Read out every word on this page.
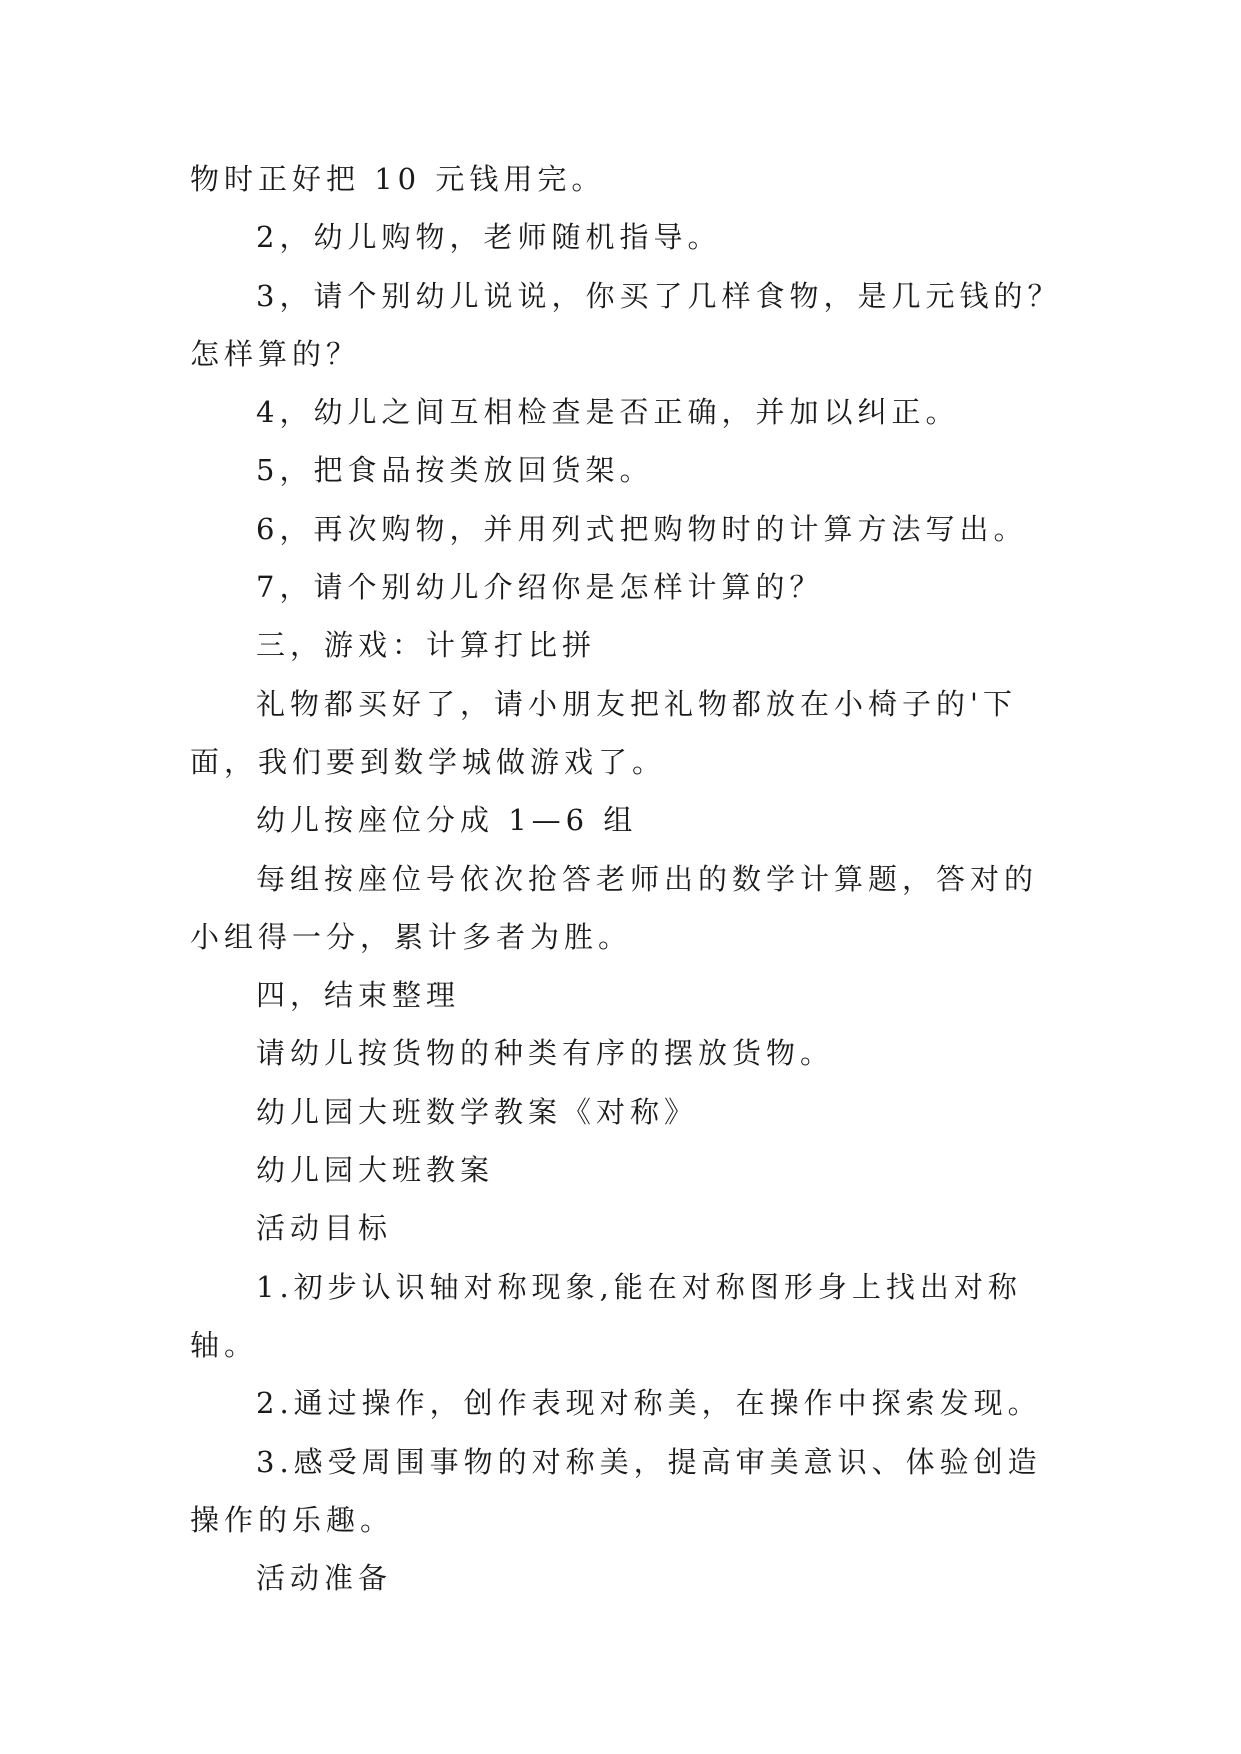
物时正好把 10 元钱用完。

2，幼儿购物，老师随机指导。

3，请个别幼儿说说，你买了几样食物，是几元钱的？怎样算的？

4，幼儿之间互相检查是否正确，并加以纠正。

5，把食品按类放回货架。

6，再次购物，并用列式把购物时的计算方法写出。

7，请个别幼儿介绍你是怎样计算的？

三，游戏：计算打比拼

礼物都买好了，请小朋友把礼物都放在小椅子的'下面，我们要到数学城做游戏了。

幼儿按座位分成 1—6 组

每组按座位号依次抢答老师出的数学计算题，答对的小组得一分，累计多者为胜。

四，结束整理

请幼儿按货物的种类有序的摆放货物。

幼儿园大班数学教案《对称》

幼儿园大班教案

活动目标

1.初步认识轴对称现象,能在对称图形身上找出对称轴。

2.通过操作，创作表现对称美，在操作中探索发现。

3.感受周围事物的对称美，提高审美意识、体验创造操作的乐趣。

活动准备
